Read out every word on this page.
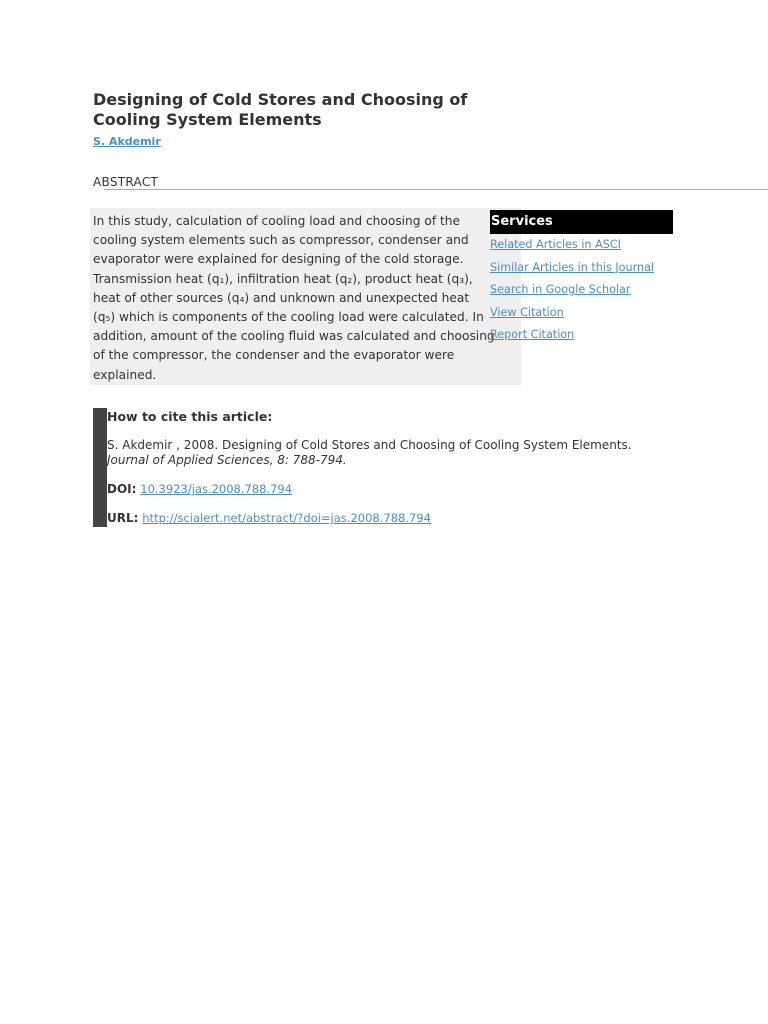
Designing of Cold Stores and Choosing of Cooling System Elements
S. Akdemir
ABSTRACT
In this study, calculation of cooling load and choosing of the
cooling system elements such as compressor, condenser and
evaporator were explained for designing of the cold storage.
Transmission heat (q₁), infiltration heat (q₂), product heat (q₃),
heat of other sources (q₄) and unknown and unexpected heat
(q₅) which is components of the cooling load were calculated. In
addition, amount of the cooling fluid was calculated and choosing
of the compressor, the condenser and the evaporator were
explained.
Services
Related Articles in ASCI
Similar Articles in this Journal
Search in Google Scholar
View Citation
Report Citation
How to cite this article:
S. Akdemir , 2008. Designing of Cold Stores and Choosing of Cooling System Elements. Journal of Applied Sciences, 8: 788-794.
DOI: 10.3923/jas.2008.788.794
URL: http://scialert.net/abstract/?doi=jas.2008.788.794
